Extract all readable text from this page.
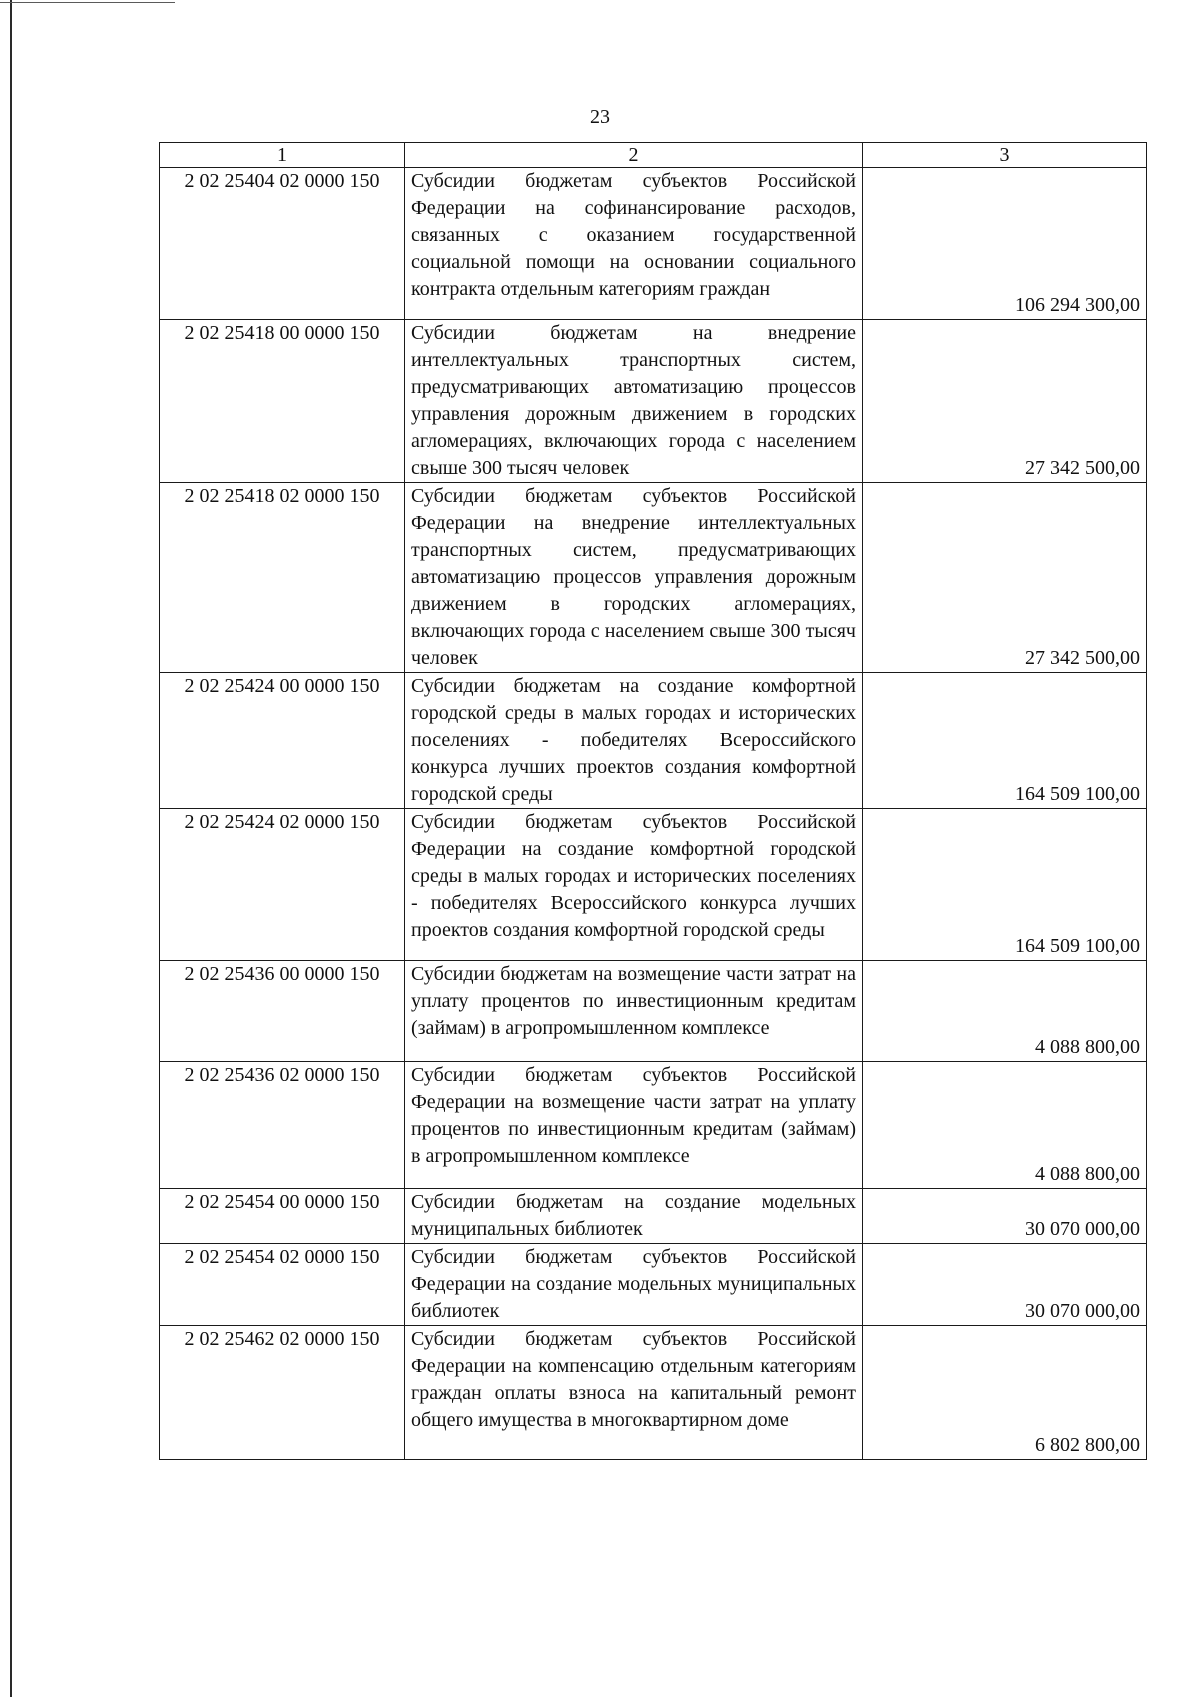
23
1	2	3
2 02 25404 02 0000 150	Субсидии бюджетам субъектов Российской Федерации на софинансирование расходов, связанных с оказанием государственной социальной помощи на основании социального контракта отдельным категориям граждан	106 294 300,00
2 02 25418 00 0000 150	Субсидии бюджетам на внедрение интеллектуальных транспортных систем, предусматривающих автоматизацию процессов управления дорожным движением в городских агломерациях, включающих города с населением свыше 300 тысяч человек	27 342 500,00
2 02 25418 02 0000 150	Субсидии бюджетам субъектов Российской Федерации на внедрение интеллектуальных транспортных систем, предусматривающих автоматизацию процессов управления дорожным движением в городских агломерациях, включающих города с населением свыше 300 тысяч человек	27 342 500,00
2 02 25424 00 0000 150	Субсидии бюджетам на создание комфортной городской среды в малых городах и исторических поселениях - победителях Всероссийского конкурса лучших проектов создания комфортной городской среды	164 509 100,00
2 02 25424 02 0000 150	Субсидии бюджетам субъектов Российской Федерации на создание комфортной городской среды в малых городах и исторических поселениях - победителях Всероссийского конкурса лучших проектов создания комфортной городской среды	164 509 100,00
2 02 25436 00 0000 150	Субсидии бюджетам на возмещение части затрат на уплату процентов по инвестиционным кредитам (займам) в агропромышленном комплексе	4 088 800,00
2 02 25436 02 0000 150	Субсидии бюджетам субъектов Российской Федерации на возмещение части затрат на уплату процентов по инвестиционным кредитам (займам) в агропромышленном комплексе	4 088 800,00
2 02 25454 00 0000 150	Субсидии бюджетам на создание модельных муниципальных библиотек	30 070 000,00
2 02 25454 02 0000 150	Субсидии бюджетам субъектов Российской Федерации на создание модельных муниципальных библиотек	30 070 000,00
2 02 25462 02 0000 150	Субсидии бюджетам субъектов Российской Федерации на компенсацию отдельным категориям граждан оплаты взноса на капитальный ремонт общего имущества в многоквартирном доме	6 802 800,00
